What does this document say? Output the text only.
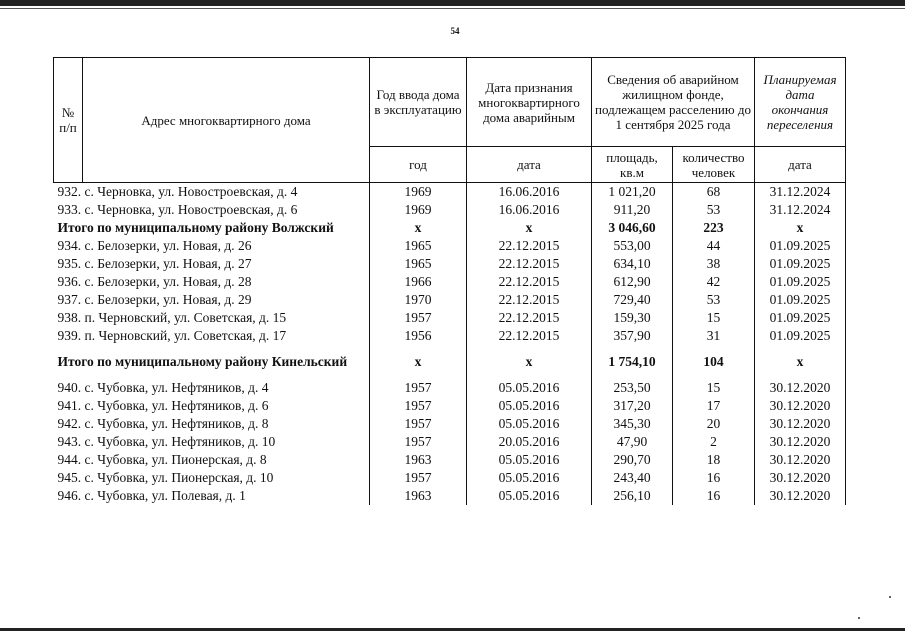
54
№
п/п	Адрес многоквартирного дома	Год ввода дома в эксплуатацию	Дата признания многоквартирного дома аварийным	Сведения об аварийном жилищном фонде, подлежащем расселению до 1 сентября 2025 года		Планируемая дата окончания переселения
		год	дата	площадь, кв.м	количество человек	дата
932. с. Черновка, ул. Новостроевская, д. 4		1969	16.06.2016	1 021,20	68	31.12.2024
933. с. Черновка, ул. Новостроевская, д. 6		1969	16.06.2016	911,20	53	31.12.2024
Итого по муниципальному району Волжский		х	х	3 046,60	223	х
934. с. Белозерки, ул. Новая, д. 26		1965	22.12.2015	553,00	44	01.09.2025
935. с. Белозерки, ул. Новая, д. 27		1965	22.12.2015	634,10	38	01.09.2025
936. с. Белозерки, ул. Новая, д. 28		1966	22.12.2015	612,90	42	01.09.2025
937. с. Белозерки, ул. Новая, д. 29		1970	22.12.2015	729,40	53	01.09.2025
938. п. Черновский, ул. Советская, д. 15		1957	22.12.2015	159,30	15	01.09.2025
939. п. Черновский, ул. Советская, д. 17		1956	22.12.2015	357,90	31	01.09.2025

Итого по муниципальному району Кинельский		х	х	1 754,10	104	х

940. с. Чубовка, ул. Нефтяников, д. 4		1957	05.05.2016	253,50	15	30.12.2020
941. с. Чубовка, ул. Нефтяников, д. 6		1957	05.05.2016	317,20	17	30.12.2020
942. с. Чубовка, ул. Нефтяников, д. 8		1957	05.05.2016	345,30	20	30.12.2020
943. с. Чубовка, ул. Нефтяников, д. 10		1957	20.05.2016	47,90	2	30.12.2020
944. с. Чубовка, ул. Пионерская, д. 8		1963	05.05.2016	290,70	18	30.12.2020
945. с. Чубовка, ул. Пионерская, д. 10		1957	05.05.2016	243,40	16	30.12.2020
946. с. Чубовка, ул. Полевая, д. 1		1963	05.05.2016	256,10	16	30.12.2020
